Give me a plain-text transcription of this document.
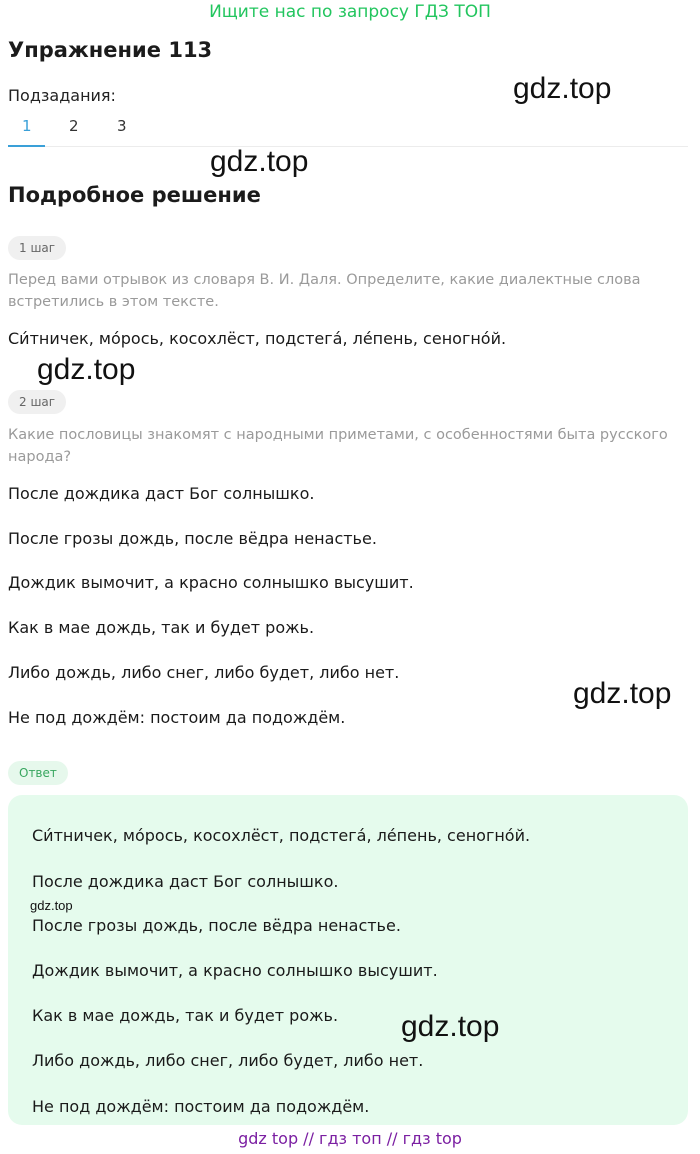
Ищите нас по запросу ГДЗ ТОП
Упражнение 113
Подзадания:
1 2	3
Подробное решение
1 шаг

Перед вами отрывок из словаря В. И. Даля. Определите, какие диалектные слова встретились в этом тексте.

Си́тничек, мо́рось, косохлёст, подстега́, ле́пень, сеногно́й.
2 шаг

Какие пословицы знакомят с народными приметами, с особенностями быта русского народа?

После дождика даст Бог солнышко.
После грозы дождь, после вёдра ненастье.
Дождик вымочит, а красно солнышко высушит.
Как в мае дождь, так и будет рожь.
Либо дождь, либо снег, либо будет, либо нет.
Не под дождём: постоим да подождём.
Ответ
Си́тничек, мо́рось, косохлёст, подстега́, ле́пень, сеногно́й.
После дождика даст Бог солнышко.
После грозы дождь, после вёдра ненастье.
Дождик вымочит, а красно солнышко высушит.
Как в мае дождь, так и будет рожь.
Либо дождь, либо снег, либо будет, либо нет.
Не под дождём: постоим да подождём.
gdz.top
gdz.top
gdz.top
gdz.top
gdz.top
gdz.top
gdz top // гдз топ // гдз top
